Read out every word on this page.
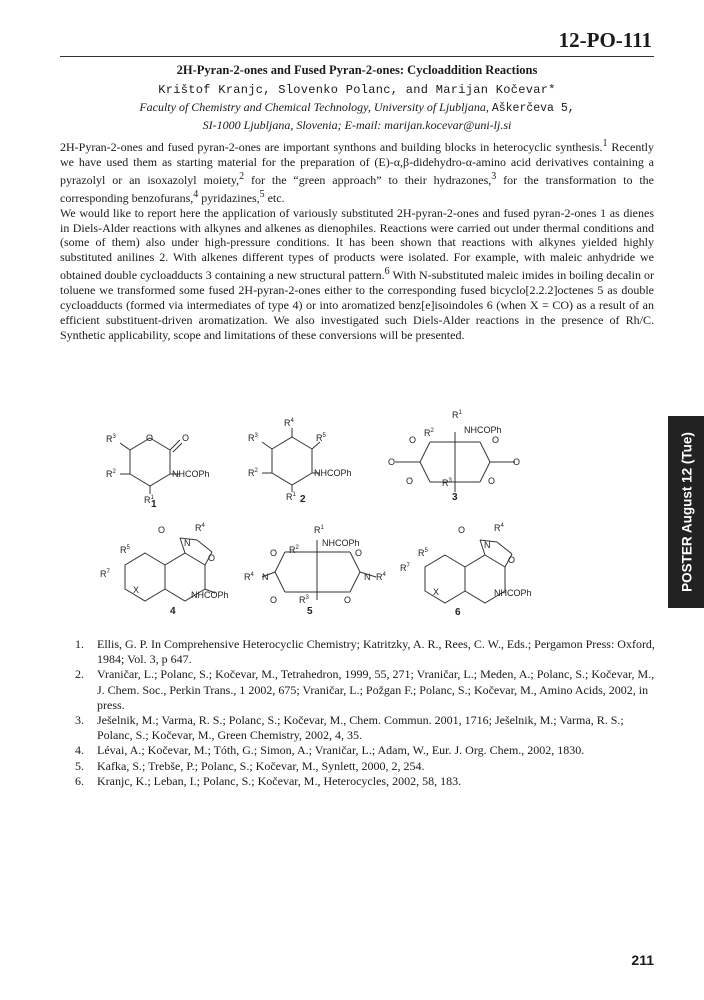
12-PO-111
2H-Pyran-2-ones and Fused Pyran-2-ones: Cycloaddition Reactions
Krištof Kranjc, Slovenko Polanc, and Marijan Kočevar*
Faculty of Chemistry and Chemical Technology, University of Ljubljana, Aškerčeva 5,
SI-1000 Ljubljana, Slovenia; E-mail: marijan.kocevar@uni-lj.si

2H-Pyran-2-ones and fused pyran-2-ones are important synthons and building blocks in heterocyclic synthesis.$^1$ Recently we have used them as starting material for the preparation of (E)-α,β-didehydro-α-amino acid derivatives containing a pyrazolyl or an isoxazolyl moiety,$^2$ for the “green approach” to their hydrazones,$^3$ for the transformation to the corresponding benzofurans,$^4$ pyridazines,$^5$ etc.

We would like to report here the application of variously substituted 2H-pyran-2-ones and fused pyran-2-ones 1 as dienes in Diels-Alder reactions with alkynes and alkenes as dienophiles. Reactions were carried out under thermal conditions and (some of them) also under high-pressure conditions. It has been shown that reactions with alkynes yielded highly substituted anilines 2. With alkenes different types of products were isolated. For example, with maleic anhydride we obtained double cycloadducts 3 containing a new structural pattern.$^6$ With N-substituted maleic imides in boiling decalin or toluene we transformed some fused 2H-pyran-2-ones either to the corresponding fused bicyclo[2.2.2]octenes 5 as double cycloadducts (formed via intermediates of type 4) or into aromatized benz[e]isoindoles 6 (when X = CO) as a result of an efficient substituent-driven aromatization. We also investigated such Diels-Alder reactions in the presence of Rh/C. Synthetic applicability, scope and limitations of these conversions will be presented.

POSTER August 12 (Tue)
O	O
$R^3$
$R^2$	NHCOPh
$R^1$
1
$R^4$
$R^5$
$R^3$
$R^2$	NHCOPh
$R^1$ 2
$R^1$
NHCOPh
$R^2$
O	O
O	O
O	$R^3$	O
3
O	$R^4$
N
$R^5$
O
$R^7$
X	NHCOPh
4
$R^1$
NHCOPh
$R^2$
O	O
$R^4$ N	N $R^4$
O $R^3$	O
5
O	$R^4$
N
$R^5$
O
$R^7$
X	NHCOPh
6
1. Ellis, G. P. In Comprehensive Heterocyclic Chemistry; Katritzky, A. R., Rees, C. W., Eds.; Pergamon Press: Oxford, 1984; Vol. 3, p 647.
2. Vraničar, L.; Polanc, S.; Kočevar, M., Tetrahedron, 1999, 55, 271; Vraničar, L.; Meden, A.; Polanc, S.; Kočevar, M., J. Chem. Soc., Perkin Trans., 1 2002, 675; Vraničar, L.; Požgan F.; Polanc, S.; Kočevar, M., Amino Acids, 2002, in press.
3. Ješelnik, M.; Varma, R. S.; Polanc, S.; Kočevar, M., Chem. Commun. 2001, 1716; Ješelnik, M.; Varma, R. S.; Polanc, S.; Kočevar, M., Green Chemistry, 2002, 4, 35.
4. Lévai, A.; Kočevar, M.; Tóth, G.; Simon, A.; Vraničar, L.; Adam, W., Eur. J. Org. Chem., 2002, 1830.
5. Kafka, S.; Trebše, P.; Polanc, S.; Kočevar, M., Synlett, 2000, 2, 254.
6. Kranjc, K.; Leban, I.; Polanc, S.; Kočevar, M., Heterocycles, 2002, 58, 183.
211
